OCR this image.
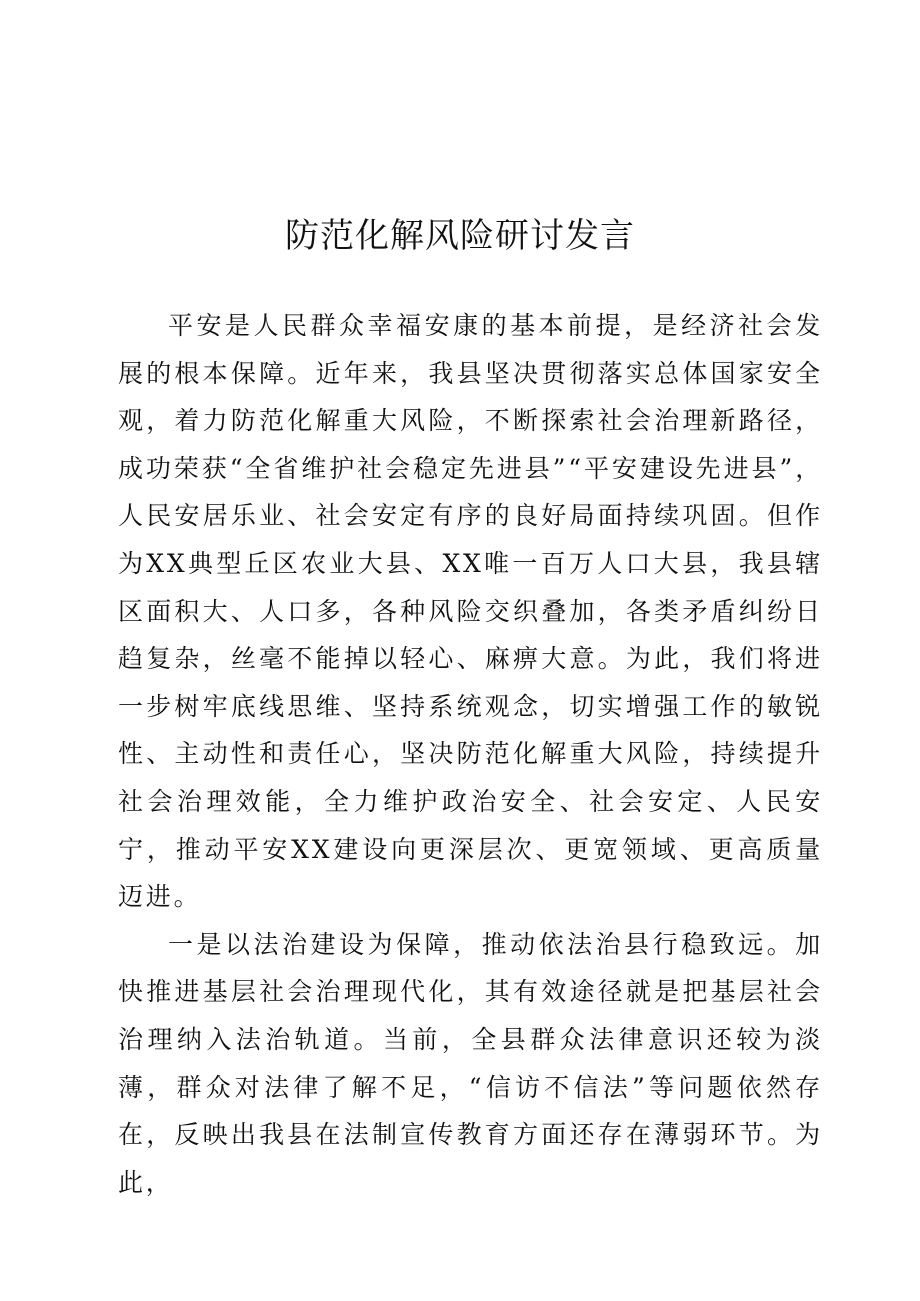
防范化解风险研讨发言

平安是人民群众幸福安康的基本前提，是经济社会发展的根本保障。近年来，我县坚决贯彻落实总体国家安全观，着力防范化解重大风险，不断探索社会治理新路径，成功荣获“全省维护社会稳定先进县”“平安建设先进县”，人民安居乐业、社会安定有序的良好局面持续巩固。但作为XX典型丘区农业大县、XX唯一百万人口大县，我县辖区面积大、人口多，各种风险交织叠加，各类矛盾纠纷日趋复杂，丝毫不能掉以轻心、麻痹大意。为此，我们将进一步树牢底线思维、坚持系统观念，切实增强工作的敏锐性、主动性和责任心，坚决防范化解重大风险，持续提升社会治理效能，全力维护政治安全、社会安定、人民安宁，推动平安XX建设向更深层次、更宽领域、更高质量迈进。

一是以法治建设为保障，推动依法治县行稳致远。加快推进基层社会治理现代化，其有效途径就是把基层社会治理纳入法治轨道。当前，全县群众法律意识还较为淡薄，群众对法律了解不足，“信访不信法”等问题依然存在，反映出我县在法制宣传教育方面还存在薄弱环节。为此，
